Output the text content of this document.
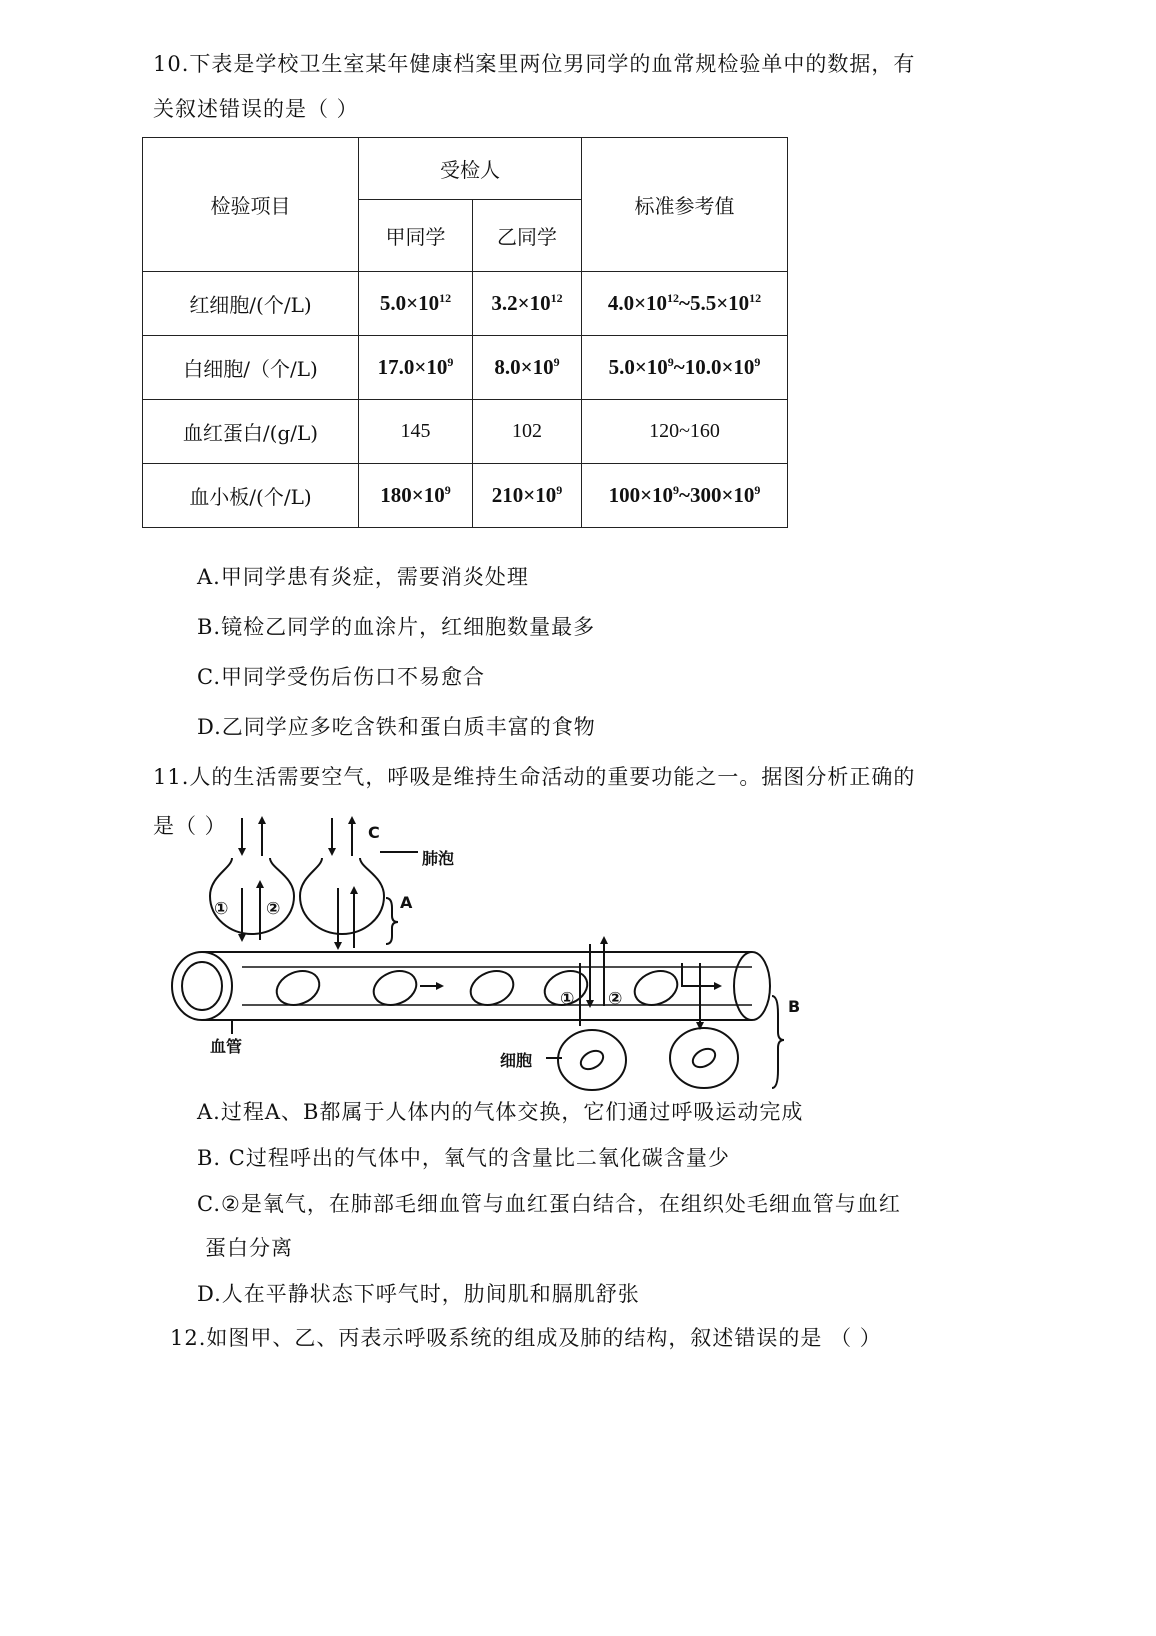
10.下表是学校卫生室某年健康档案里两位男同学的血常规检验单中的数据，有
关叙述错误的是（ ）
检验项目	受检人		标准参考值
	甲同学	乙同学	
红细胞/(个/L)	$5.0\times 10^{12}$	$3.2\times 10^{12}$	$4.0\times 10^{12}\sim 5.5\times 10^{12}$
白细胞/（个/L)	$17.0\times 10^9$	$8.0\times 10^9$	$5.0\times 10^9\sim 10.0\times 10^9$
血红蛋白/(g/L)	145	102	120~160
血小板/(个/L)	$180\times 10^9$	$210\times 10^9$	$100\times 10^9\sim 300\times 10^9$
A.甲同学患有炎症，需要消炎处理
B.镜检乙同学的血涂片，红细胞数量最多
C.甲同学受伤后伤口不易愈合
D.乙同学应多吃含铁和蛋白质丰富的食物
11.人的生活需要空气，呼吸是维持生命活动的重要功能之一。据图分析正确的
是（ ）	C
肺泡
A
B
血管
细胞
① ②
① ②
A.过程A、B都属于人体内的气体交换，它们通过呼吸运动完成
B. C过程呼出的气体中，氧气的含量比二氧化碳含量少
C.②是氧气，在肺部毛细血管与血红蛋白结合，在组织处毛细血管与血红
蛋白分离
D.人在平静状态下呼气时，肋间肌和膈肌舒张
12.如图甲、乙、丙表示呼吸系统的组成及肺的结构，叙述错误的是 （ ）
